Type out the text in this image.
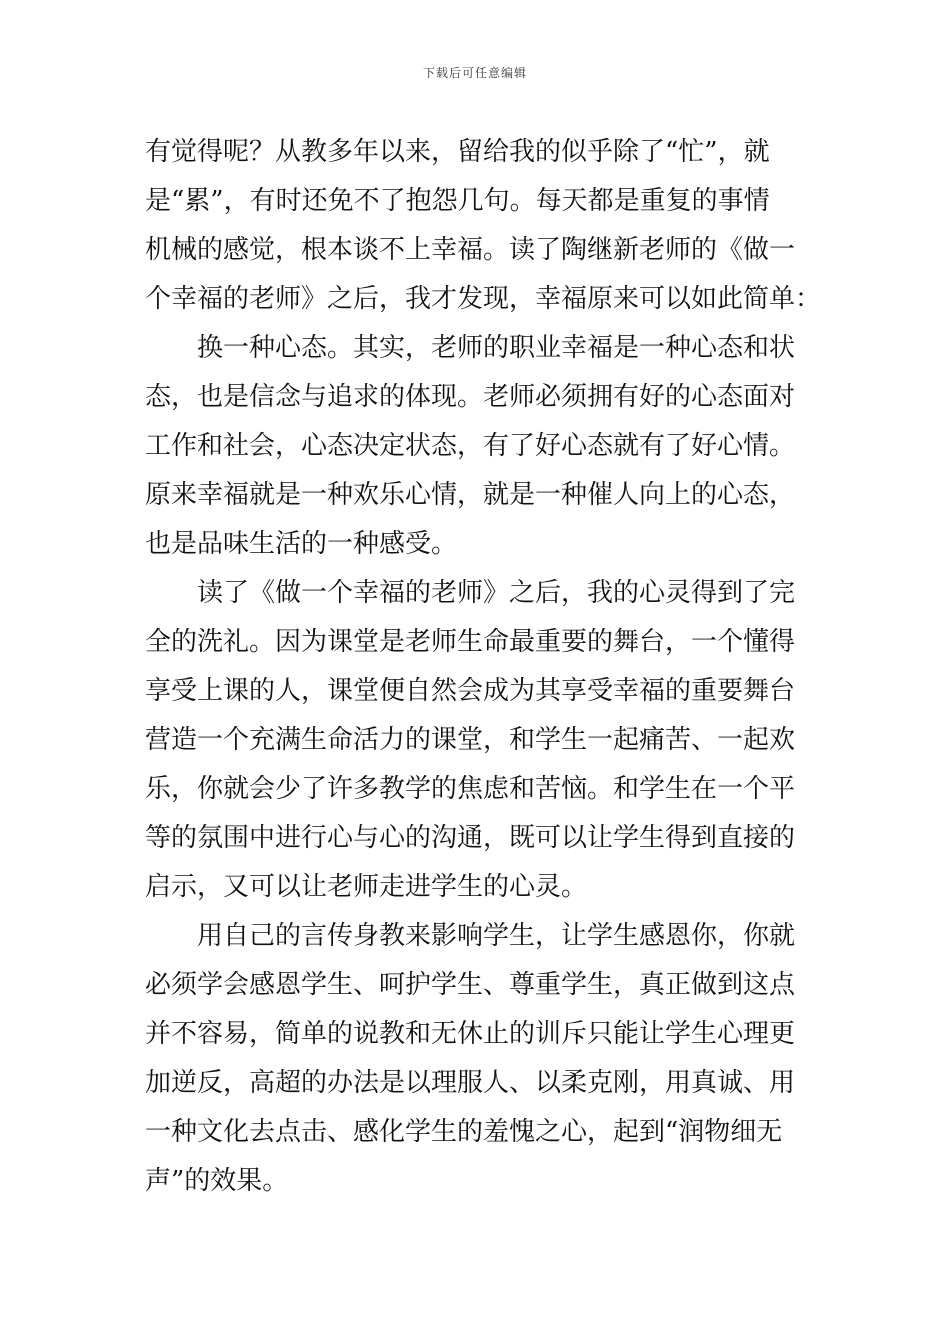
下载后可任意编辑
有觉得呢？从教多年以来，留给我的似乎除了“忙”，就
是“累”，有时还免不了抱怨几句。每天都是重复的事情
机械的感觉，根本谈不上幸福。读了陶继新老师的《做一
个幸福的老师》之后，我才发现，幸福原来可以如此简单：
　　换一种心态。其实，老师的职业幸福是一种心态和状
态，也是信念与追求的体现。老师必须拥有好的心态面对
工作和社会，心态决定状态，有了好心态就有了好心情。
原来幸福就是一种欢乐心情，就是一种催人向上的心态，
也是品味生活的一种感受。
　　读了《做一个幸福的老师》之后，我的心灵得到了完
全的洗礼。因为课堂是老师生命最重要的舞台，一个懂得
享受上课的人，课堂便自然会成为其享受幸福的重要舞台
营造一个充满生命活力的课堂，和学生一起痛苦、一起欢
乐，你就会少了许多教学的焦虑和苦恼。和学生在一个平
等的氛围中进行心与心的沟通，既可以让学生得到直接的
启示，又可以让老师走进学生的心灵。
　　用自己的言传身教来影响学生，让学生感恩你，你就
必须学会感恩学生、呵护学生、尊重学生，真正做到这点
并不容易，简单的说教和无休止的训斥只能让学生心理更
加逆反，高超的办法是以理服人、以柔克刚，用真诚、用
一种文化去点击、感化学生的羞愧之心，起到“润物细无
声”的效果。
